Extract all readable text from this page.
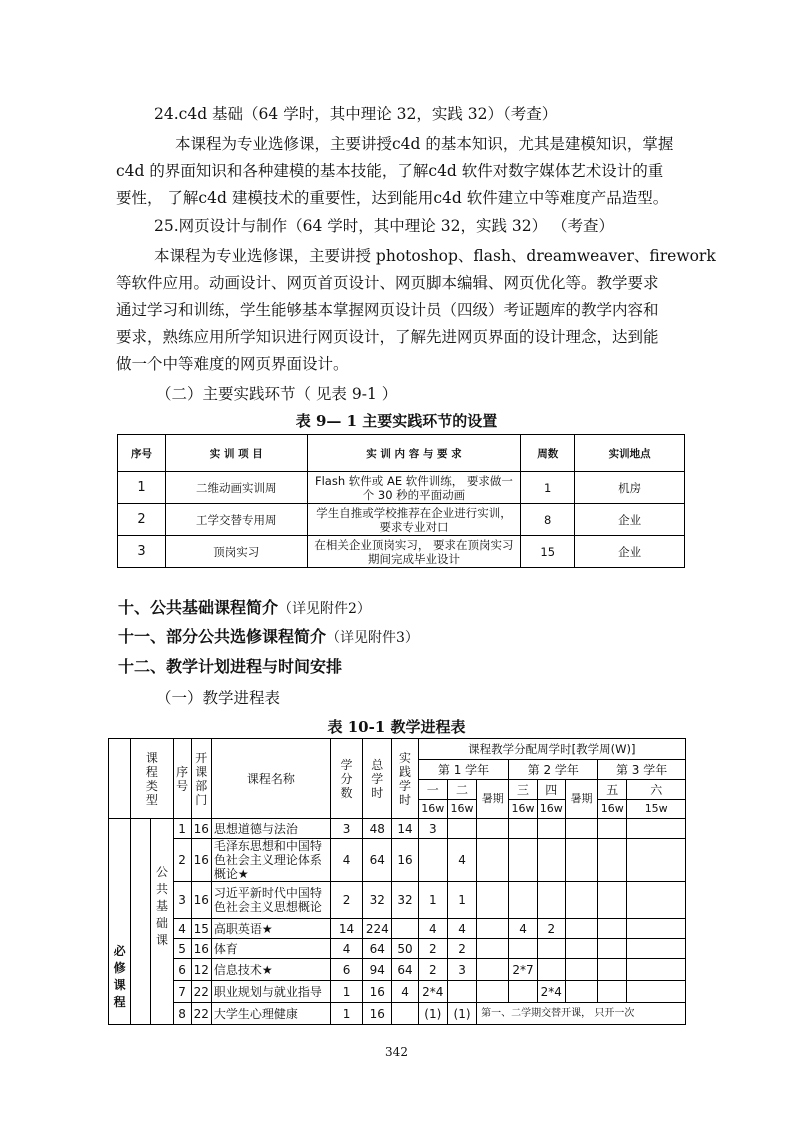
24.c4d 基础（64 学时，其中理论 32，实践 32）（考查）
本课程为专业选修课，主要讲授c4d 的基本知识，尤其是建模知识，掌握
c4d 的界面知识和各种建模的基本技能，了解c4d 软件对数字媒体艺术设计的重
要性， 了解c4d 建模技术的重要性，达到能用c4d 软件建立中等难度产品造型。
25.网页设计与制作（64 学时，其中理论 32，实践 32） （考查）
本课程为专业选修课，主要讲授 photoshop、flash、dreamweaver、firework
等软件应用。动画设计、网页首页设计、网页脚本编辑、网页优化等。教学要求
通过学习和训练，学生能够基本掌握网页设计员（四级）考证题库的教学内容和
要求，熟练应用所学知识进行网页设计，了解先进网页界面的设计理念，达到能
做一个中等难度的网页界面设计。
（二）主要实践环节（ 见表 9-1 ）
表 9— 1 主要实践环节的设置
序号	实 训 项 目	实 训 内 容 与 要 求	周数	实训地点
1	二维动画实训周	Flash 软件或 AE 软件训练， 要求做一个 30 秒的平面动画	1	机房
2	工学交替专用周	学生自推或学校推荐在企业进行实训， 要求专业对口	8	企业
3	顶岗实习	在相关企业顶岗实习， 要求在顶岗实习期间完成毕业设计	15	企业
十、公共基础课程简介（详见附件2）
十一、部分公共选修课程简介（详见附件3）
十二、教学计划进程与时间安排
（一）教学进程表
表 10-1 教学进程表

	课程类型		序号	开课部门	课程名称	学分数	总学时	实践学时	课程教学分配周学时[教学周(W)]							
									第 1 学年			第 2 学年			第 3 学年	
									一	二	暑期	三	四	暑期	五	六
									16w	16w		16w	16w		16w	15w

必修课程		公共基础课	1	16	思想道德与法治	3	48	14	3							
			2	16	毛泽东思想和中国特色社会主义理论体系概论★	4	64	16		4						
			3	16	习近平新时代中国特色社会主义思想概论	2	32	32	1	1						
			4	15	高职英语★	14	224		4	4		4	2			
			5	16	体育	4	64	50	2	2						
			6	12	信息技术★	6	94	64	2	3		2*7				
			7	22	职业规划与就业指导	1	16	4	2*4				2*4			
			8	22	大学生心理健康	1	16		(1)	(1)	第一、二学期交替开课， 只开一次					
342
